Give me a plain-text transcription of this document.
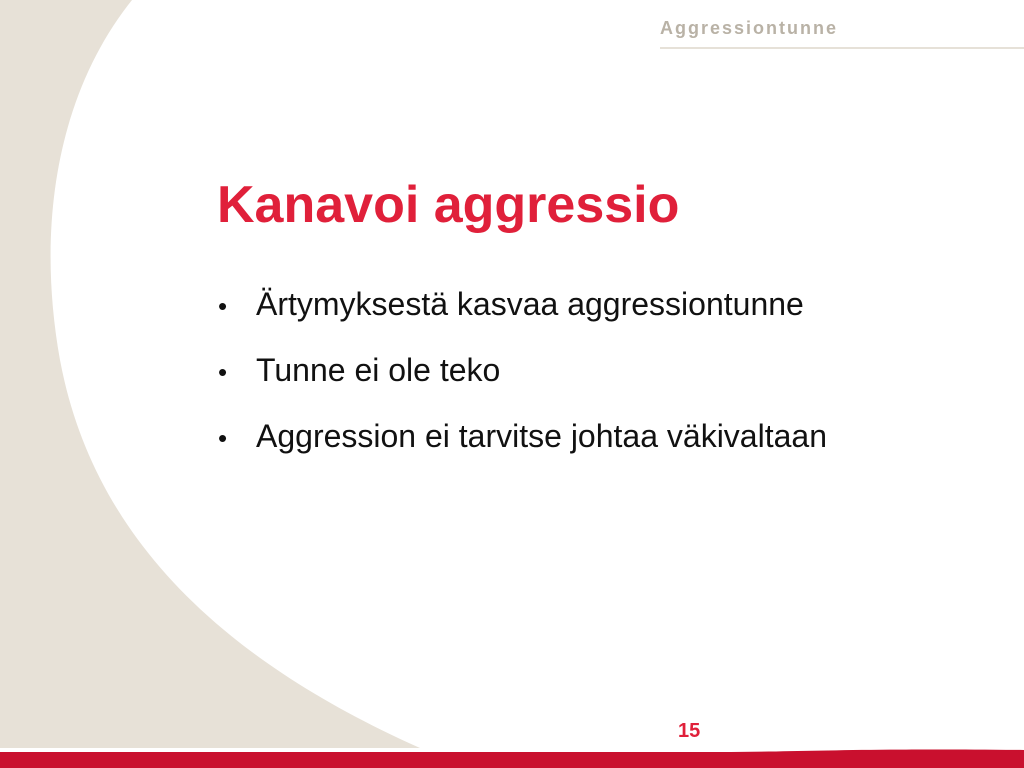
Aggressiontunne
Kanavoi aggressio
• Ärtymyksestä kasvaa aggressiontunne
• Tunne ei ole teko
• Aggression ei tarvitse johtaa väkivaltaan
15
